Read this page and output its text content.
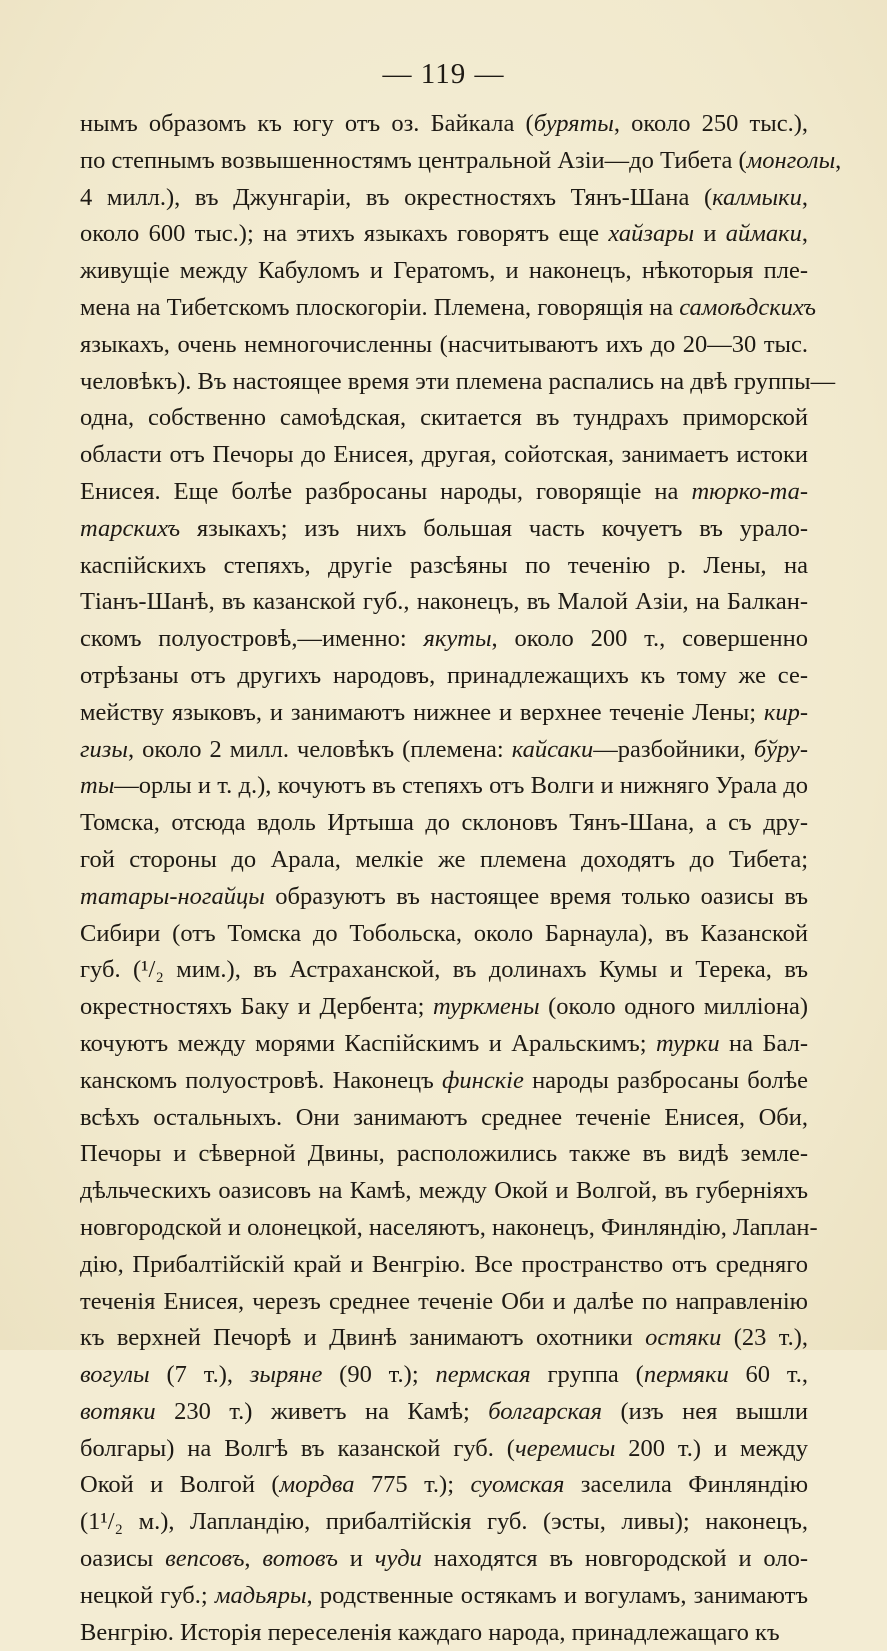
— 119 —
нымъ образомъ къ югу отъ оз. Байкала (буряты, около 250 тыс.),
по степнымъ возвышенностямъ центральной Азіи—до Тибета (монголы,
4 милл.), въ Джунгаріи, въ окрестностяхъ Тянъ-Шана (калмыки,
около 600 тыс.); на этихъ языкахъ говорятъ еще хайзары и аймаки,
живущіе между Кабуломъ и Гератомъ, и наконецъ, нѣкоторыя пле-
мена на Тибетскомъ плоскогоріи. Племена, говорящія на самоѣдскихъ
языкахъ, очень немногочисленны (насчитываютъ ихъ до 20—30 тыс.
человѣкъ). Въ настоящее время эти племена распались на двѣ группы—
одна, собственно самоѣдская, скитается въ тундрахъ приморской
области отъ Печоры до Енисея, другая, сойотская, занимаетъ истоки
Енисея. Еще болѣе разбросаны народы, говорящіе на тюрко-та-
тарскихъ языкахъ; изъ нихъ большая часть кочуетъ въ урало-
каспійскихъ степяхъ, другіе разсѣяны по теченію р. Лены, на
Тіанъ-Шанѣ, въ казанской губ., наконецъ, въ Малой Азіи, на Балкан-
скомъ полуостровѣ,—именно: якуты, около 200 т., совершенно
отрѣзаны отъ другихъ народовъ, принадлежащихъ къ тому же се-
мейству языковъ, и занимаютъ нижнее и верхнее теченіе Лены; кир-
гизы, около 2 милл. человѣкъ (племена: кайсаки—разбойники, бўру-
ты—орлы и т. д.), кочуютъ въ степяхъ отъ Волги и нижняго Урала до
Томска, отсюда вдоль Иртыша до склоновъ Тянъ-Шана, а съ дру-
гой стороны до Арала, мелкіе же племена доходятъ до Тибета;
татары-ногайцы образуютъ въ настоящее время только оазисы въ
Сибири (отъ Томска до Тобольска, около Барнаула), въ Казанской
губ. (¹/₂ мим.), въ Астраханской, въ долинахъ Кумы и Терека, въ
окрестностяхъ Баку и Дербента; туркмены (около одного милліона)
кочуютъ между морями Каспійскимъ и Аральскимъ; турки на Бал-
канскомъ полуостровѣ. Наконецъ финскіе народы разбросаны болѣе
всѣхъ остальныхъ. Они занимаютъ среднее теченіе Енисея, Оби,
Печоры и сѣверной Двины, расположились также въ видѣ земле-
дѣльческихъ оазисовъ на Камѣ, между Окой и Волгой, въ губерніяхъ
новгородской и олонецкой, населяютъ, наконецъ, Финляндію, Лаплан-
дію, Прибалтійскій край и Венгрію. Все пространство отъ средняго
теченія Енисея, черезъ среднее теченіе Оби и далѣе по направленію
къ верхней Печорѣ и Двинѣ занимаютъ охотники остяки (23 т.),
вогулы (7 т.), зыряне (90 т.); пермская группа (пермяки 60 т.,
вотяки 230 т.) живетъ на Камѣ; болгарская (изъ нея вышли
болгары) на Волгѣ въ казанской губ. (черемисы 200 т.) и между
Окой и Волгой (мордва 775 т.); суомская заселила Финляндію
(1¹/₂ м.), Лапландію, прибалтійскія губ. (эсты, ливы); наконецъ,
оазисы вепсовъ, вотовъ и чуди находятся въ новгородской и оло-
нецкой губ.; мадьяры, родственные остякамъ и вогуламъ, занимаютъ
Венгрію. Исторія переселенія каждаго народа, принадлежащаго къ
